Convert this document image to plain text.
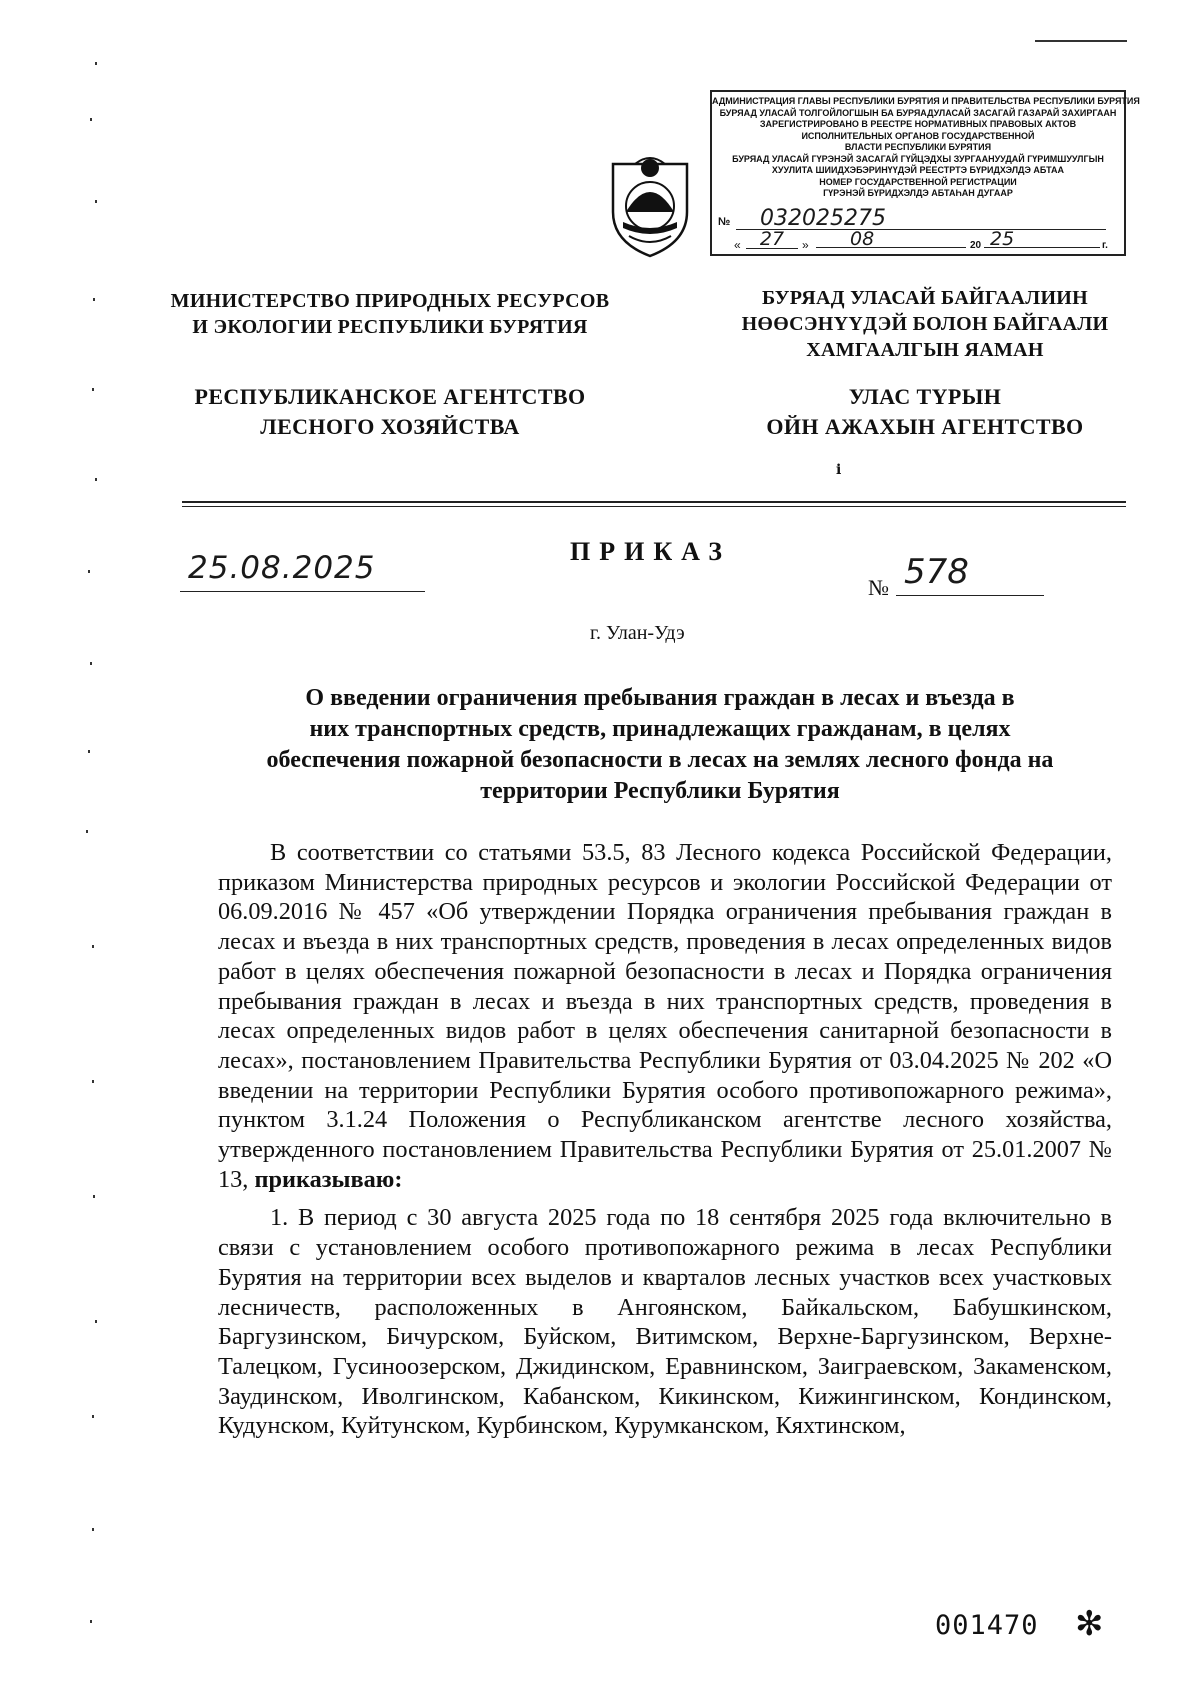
АДМИНИСТРАЦИЯ ГЛАВЫ РЕСПУБЛИКИ БУРЯТИЯ И ПРАВИТЕЛЬСТВА РЕСПУБЛИКИ БУРЯТИЯ
БУРЯАД УЛАСАЙ ТОЛГОЙЛОГШЫН БА БУРЯАДУЛАСАЙ ЗАСАГАЙ ГАЗАРАЙ ЗАХИРГААН
ЗАРЕГИСТРИРОВАНО В РЕЕСТРЕ НОРМАТИВНЫХ ПРАВОВЫХ АКТОВ
ИСПОЛНИТЕЛЬНЫХ ОРГАНОВ ГОСУДАРСТВЕННОЙ
ВЛАСТИ РЕСПУБЛИКИ БУРЯТИЯ
БУРЯАД УЛАСАЙ ГҮРЭНЭЙ ЗАСАГАЙ ГҮЙЦЭДХЫ ЗУРГААНУУДАЙ ГҮРИМШУУЛГЫН
ХУУЛИТА ШИИДХЭБЭРИНҮҮДЭЙ РЕЕСТРТЭ БҮРИДХЭЛДЭ АБТАА
НОМЕР ГОСУДАРСТВЕННОЙ РЕГИСТРАЦИИ
ГҮРЭНЭЙ БҮРИДХЭЛДЭ АБТАҺАН ДУГААР
№	032025275
«	27	»	08	20 25	г.
МИНИСТЕРСТВО ПРИРОДНЫХ РЕСУРСОВ
И ЭКОЛОГИИ РЕСПУБЛИКИ БУРЯТИЯ
РЕСПУБЛИКАНСКОЕ АГЕНТСТВО
ЛЕСНОГО ХОЗЯЙСТВА
БУРЯАД УЛАСАЙ БАЙГААЛИИН
НӨӨСЭНҮҮДЭЙ БОЛОН БАЙГААЛИ
ХАМГААЛГЫН ЯАМАН
УЛАС ТҮРЫН
ОЙН АЖАХЫН АГЕНТСТВО
ⅰ
ПРИКАЗ
25.08.2025
№ 578
г. Улан-Удэ
О введении ограничения пребывания граждан в лесах и въезда в
них транспортных средств, принадлежащих гражданам, в целях
обеспечения пожарной безопасности в лесах на землях лесного фонда на
территории Республики Бурятия

В соответствии со статьями 53.5, 83 Лесного кодекса Российской Федерации, приказом Министерства природных ресурсов и экологии Российской Федерации от 06.09.2016 № 457 «Об утверждении Порядка ограничения пребывания граждан в лесах и въезда в них транспортных средств, проведения в лесах определенных видов работ в целях обеспечения пожарной безопасности в лесах и Порядка ограничения пребывания граждан в лесах и въезда в них транспортных средств, проведения в лесах определенных видов работ в целях обеспечения санитарной безопасности в лесах», постановлением Правительства Республики Бурятия от 03.04.2025 № 202 «О введении на территории Республики Бурятия особого противопожарного режима», пунктом 3.1.24 Положения о Республиканском агентстве лесного хозяйства, утвержденного постановлением Правительства Республики Бурятия от 25.01.2007 № 13, приказываю:

1. В период с 30 августа 2025 года по 18 сентября 2025 года включительно в связи с установлением особого противопожарного режима в лесах Республики Бурятия на территории всех выделов и кварталов лесных участков всех участковых лесничеств, расположенных в Ангоянском, Байкальском, Бабушкинском, Баргузинском, Бичурском, Буйском, Витимском, Верхне-Баргузинском, Верхне-Талецком, Гусиноозерском, Джидинском, Еравнинском, Заиграевском, Закаменском, Заудинском, Иволгинском, Кабанском, Кикинском, Кижингинском, Кондинском, Кудунском, Куйтунском, Курбинском, Курумканском, Кяхтинском,

001470 ✻
